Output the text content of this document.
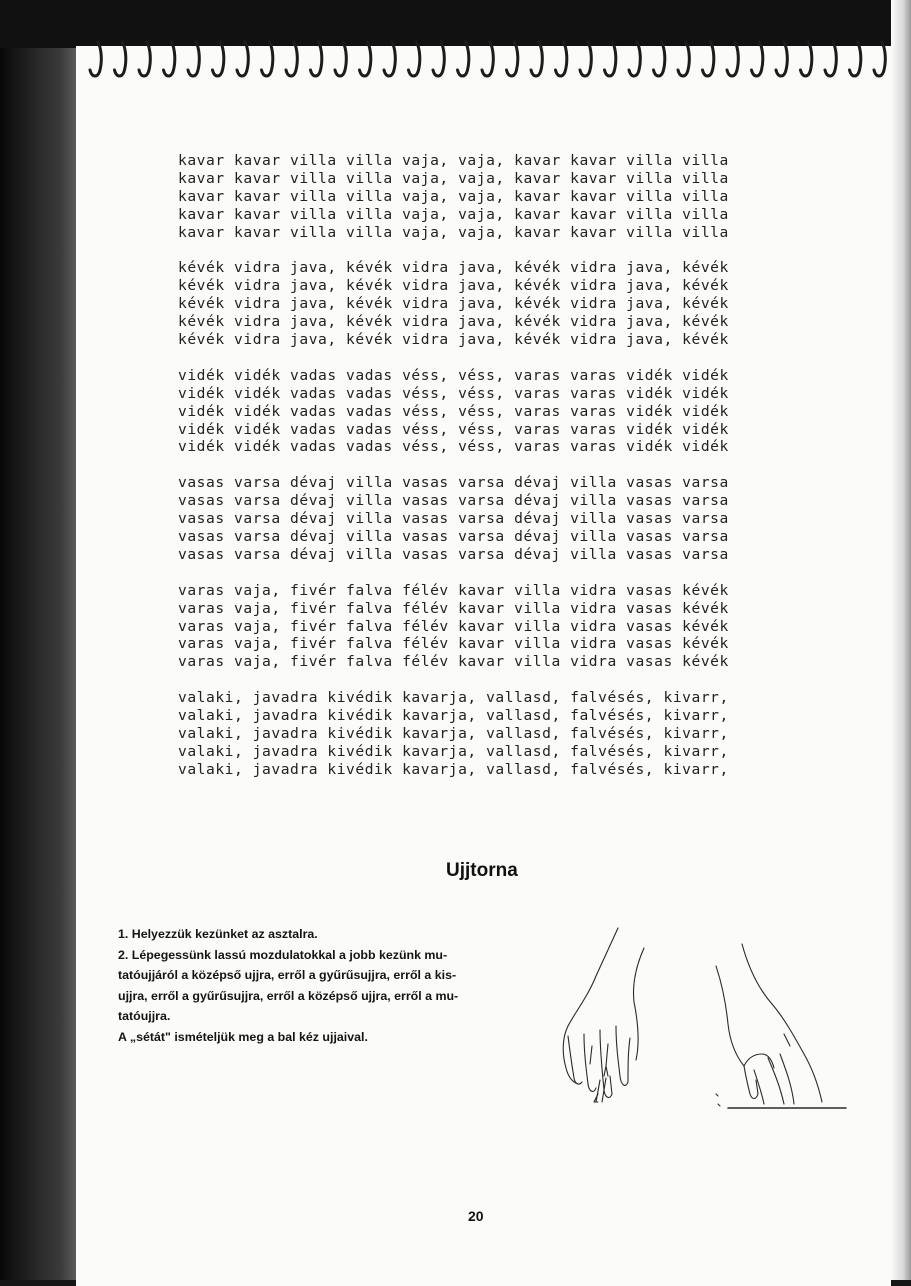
kavar kavar villa villa vaja, vaja, kavar kavar villa villa
kavar kavar villa villa vaja, vaja, kavar kavar villa villa
kavar kavar villa villa vaja, vaja, kavar kavar villa villa
kavar kavar villa villa vaja, vaja, kavar kavar villa villa
kavar kavar villa villa vaja, vaja, kavar kavar villa villa
kévék vidra java, kévék vidra java, kévék vidra java, kévék
kévék vidra java, kévék vidra java, kévék vidra java, kévék
kévék vidra java, kévék vidra java, kévék vidra java, kévék
kévék vidra java, kévék vidra java, kévék vidra java, kévék
kévék vidra java, kévék vidra java, kévék vidra java, kévék
vidék vidék vadas vadas véss, véss, varas varas vidék vidék
vidék vidék vadas vadas véss, véss, varas varas vidék vidék
vidék vidék vadas vadas véss, véss, varas varas vidék vidék
vidék vidék vadas vadas véss, véss, varas varas vidék vidék
vidék vidék vadas vadas véss, véss, varas varas vidék vidék
vasas varsa dévaj villa vasas varsa dévaj villa vasas varsa
vasas varsa dévaj villa vasas varsa dévaj villa vasas varsa
vasas varsa dévaj villa vasas varsa dévaj villa vasas varsa
vasas varsa dévaj villa vasas varsa dévaj villa vasas varsa
vasas varsa dévaj villa vasas varsa dévaj villa vasas varsa
varas vaja, fivér falva félév kavar villa vidra vasas kévék
varas vaja, fivér falva félév kavar villa vidra vasas kévék
varas vaja, fivér falva félév kavar villa vidra vasas kévék
varas vaja, fivér falva félév kavar villa vidra vasas kévék
varas vaja, fivér falva félév kavar villa vidra vasas kévék
valaki, javadra kivédik kavarja, vallasd, falvésés, kivarr,
valaki, javadra kivédik kavarja, vallasd, falvésés, kivarr,
valaki, javadra kivédik kavarja, vallasd, falvésés, kivarr,
valaki, javadra kivédik kavarja, vallasd, falvésés, kivarr,
valaki, javadra kivédik kavarja, vallasd, falvésés, kivarr,
Ujjtorna

1. Helyezzük kezünket az asztalra.

2. Lépegessünk lassú mozdulatokkal a jobb kezünk mu-

tatóujjáról a középső ujjra, erről a gyűrűsujjra, erről a kis-

ujjra, erről a gyűrűsujjra, erről a középső ujjra, erről a mu-

tatóujjra.

A „sétát" ismételjük meg a bal kéz ujjaival.

20
